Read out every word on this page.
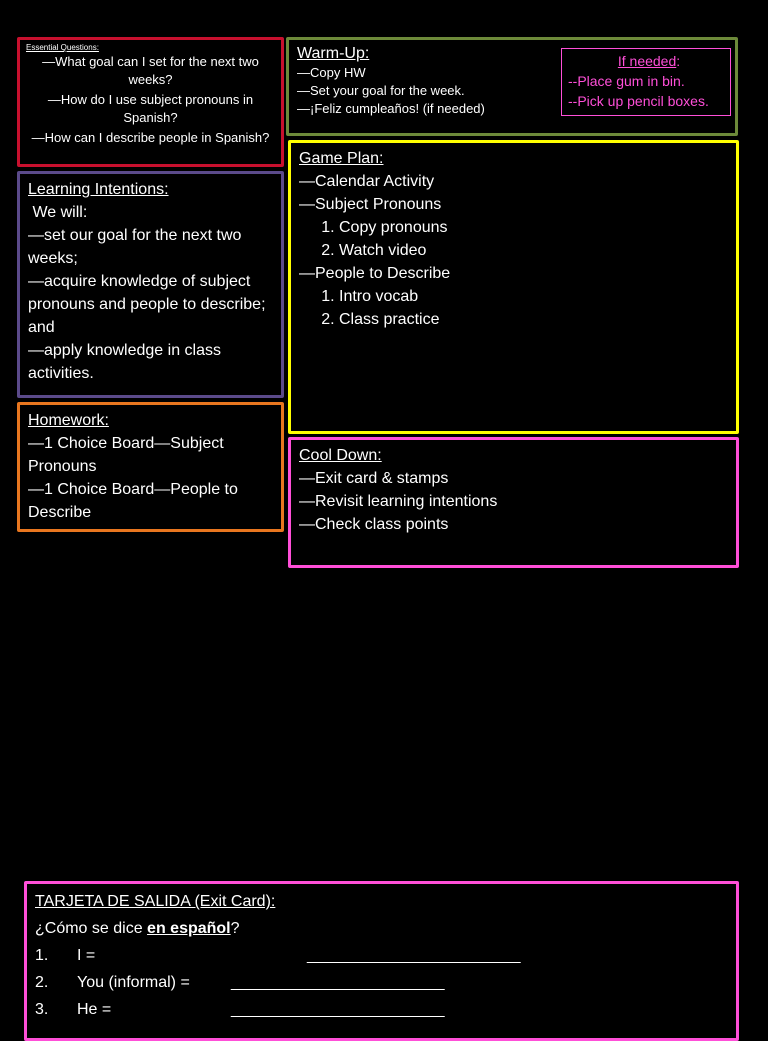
Essential Questions:
—What goal can I set for the next two weeks?
—How do I use subject pronouns in Spanish?
—How can I describe people in Spanish?
Warm-Up:
—Copy HW
—Set your goal for the week.
—¡Feliz cumpleaños! (if needed)
If needed:
--Place gum in bin.
--Pick up pencil boxes.
Learning Intentions:
We will:
—set our goal for the next two weeks;
—acquire knowledge of subject pronouns and people to describe; and
—apply knowledge in class activities.
Homework:
—1 Choice Board—Subject Pronouns
—1 Choice Board—People to Describe
Game Plan:
—Calendar Activity
—Subject Pronouns
1. Copy pronouns
2. Watch video
—People to Describe
1. Intro vocab
2. Class practice
Cool Down:
—Exit card & stamps
—Revisit learning intentions
—Check class points
TARJETA DE SALIDA (Exit Card):
¿Cómo se dice en español?
1.	I =	________________________
2.	You (informal) =	________________________
3.	He =	________________________
